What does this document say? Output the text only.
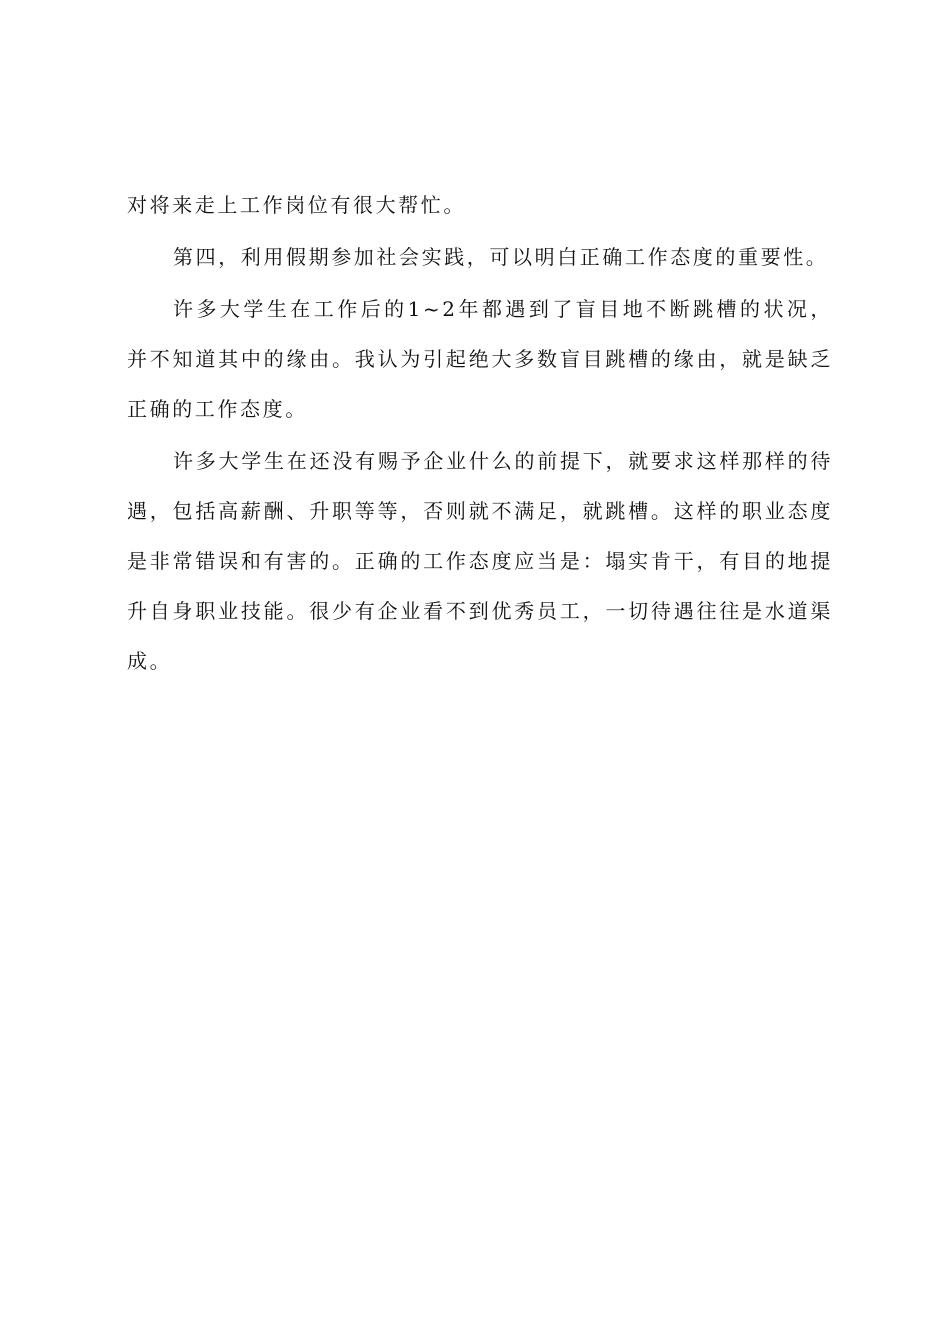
对将来走上工作岗位有很大帮忙。

第四，利用假期参加社会实践，可以明白正确工作态度的重要性。

许多大学生在工作后的1~2年都遇到了盲目地不断跳槽的状况，并不知道其中的缘由。我认为引起绝大多数盲目跳槽的缘由，就是缺乏正确的工作态度。

许多大学生在还没有赐予企业什么的前提下，就要求这样那样的待遇，包括高薪酬、升职等等，否则就不满足，就跳槽。这样的职业态度是非常错误和有害的。正确的工作态度应当是：塌实肯干，有目的地提升自身职业技能。很少有企业看不到优秀员工，一切待遇往往是水道渠成。
